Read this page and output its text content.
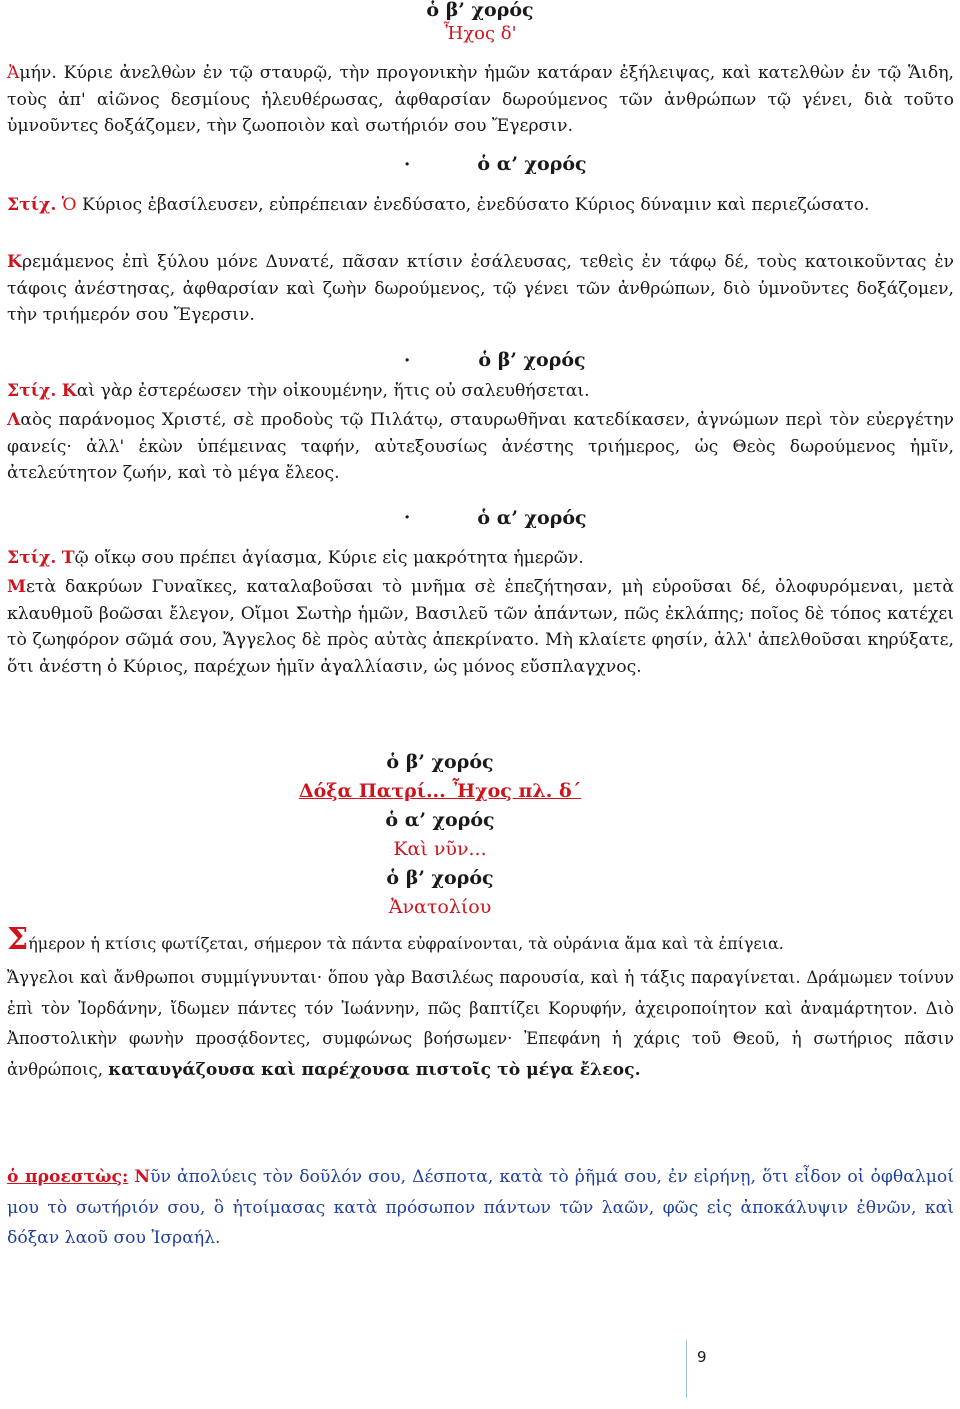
ὁ β’ χορός
Ἦχος δ'

Ἀμήν. Κύριε ἀνελθὼν ἐν τῷ σταυρῷ, τὴν προγονικὴν ἡμῶν κατάραν ἐξήλειψας, καὶ κατελθὼν ἐν τῷ Ἅιδη, τοὺς ἀπ' αἰῶνος δεσμίους ἠλευθέρωσας, ἀφθαρσίαν δωρούμενος τῶν ἀνθρώπων τῷ γένει, διὰ τοῦτο ὑμνοῦντες δοξάζομεν, τὴν ζωοποιὸν καὶ σωτήριόν σου Ἔγερσιν.

·	ὁ α’ χορός

Στίχ. Ὁ Κύριος ἐβασίλευσεν, εὐπρέπειαν ἐνεδύσατο, ἐνεδύσατο Κύριος δύναμιν καὶ περιεζώσατο.

Κρεμάμενος ἐπὶ ξύλου μόνε Δυνατέ, πᾶσαν κτίσιν ἐσάλευσας, τεθεὶς ἐν τάφῳ δέ, τοὺς κατοικοῦντας ἐν τάφοις ἀνέστησας, ἀφθαρσίαν καὶ ζωὴν δωρούμενος, τῷ γένει τῶν ἀνθρώπων, διὸ ὑμνοῦντες δοξάζομεν, τὴν τριήμερόν σου Ἔγερσιν.

·	ὁ β’ χορός

Στίχ. Καὶ γὰρ ἐστερέωσεν τὴν οἰκουμένην, ἥτις οὐ σαλευθήσεται.

Λαὸς παράνομος Χριστέ, σὲ προδοὺς τῷ Πιλάτῳ, σταυρωθῆναι κατεδίκασεν, ἀγνώμων περὶ τὸν εὐεργέτην φανείς· ἀλλ' ἑκὼν ὑπέμεινας ταφήν, αὐτεξουσίως ἀνέστης τριήμερος, ὡς Θεὸς δωρούμενος ἡμῖν, ἀτελεύτητον ζωήν, καὶ τὸ μέγα ἔλεος.

·	ὁ α’ χορός

Στίχ. Τῷ οἴκῳ σου πρέπει ἁγίασμα, Κύριε εἰς μακρότητα ἡμερῶν.

Μετὰ δακρύων Γυναῖκες, καταλαβοῦσαι τὸ μνῆμα σὲ ἐπεζήτησαν, μὴ εὑροῦσαι δέ, ὀλοφυρόμεναι, μετὰ κλαυθμοῦ βοῶσαι ἔλεγον, Οἴμοι Σωτὴρ ἡμῶν, Βασιλεῦ τῶν ἁπάντων, πῶς ἐκλάπης; ποῖος δὲ τόπος κατέχει τὸ ζωηφόρον σῶμά σου, Ἄγγελος δὲ πρὸς αὐτὰς ἀπεκρίνατο. Μὴ κλαίετε φησίν, ἀλλ' ἀπελθοῦσαι κηρύξατε, ὅτι ἀνέστη ὁ Κύριος, παρέχων ἡμῖν ἀγαλλίασιν, ὡς μόνος εὔσπλαγχνος.

ὁ β’ χορός
Δόξα Πατρί... Ἦχος πλ. δ΄
ὁ α’ χορός
Καὶ νῦν...
ὁ β’ χορός
Ἀνατολίου

Σήμερον ἡ κτίσις φωτίζεται, σήμερον τὰ πάντα εὐφραίνονται, τὰ οὐράνια ἅμα καὶ τὰ ἐπίγεια.

Ἄγγελοι καὶ ἄνθρωποι συμμίγνυνται· ὅπου γὰρ Βασιλέως παρουσία, καὶ ἡ τάξις παραγίνεται. Δράμωμεν τοίνυν ἐπὶ τὸν Ἰορδάνην, ἴδωμεν πάντες τόν Ἰωάννην, πῶς βαπτίζει Κορυφήν, ἀχειροποίητον καὶ ἀναμάρτητον. Διὸ Ἀποστολικὴν φωνὴν προσᾴδοντες, συμφώνως βοήσωμεν· Ἐπεφάνη ἡ χάρις τοῦ Θεοῦ, ἡ σωτήριος πᾶσιν ἀνθρώποις, καταυγάζουσα καὶ παρέχουσα πιστοῖς τὸ μέγα ἔλεος.

ὁ προεστὼς: Νῦν ἀπολύεις τὸν δοῦλόν σου, Δέσποτα, κατὰ τὸ ῥῆμά σου, ἐν εἰρήνῃ, ὅτι εἶδον οἱ ὀφθαλμοί μου τὸ σωτήριόν σου, ὃ ἡτοίμασας κατὰ πρόσωπον πάντων τῶν λαῶν, φῶς εἰς ἀποκάλυψιν ἐθνῶν, καὶ δόξαν λαοῦ σου Ἰσραήλ.

9
